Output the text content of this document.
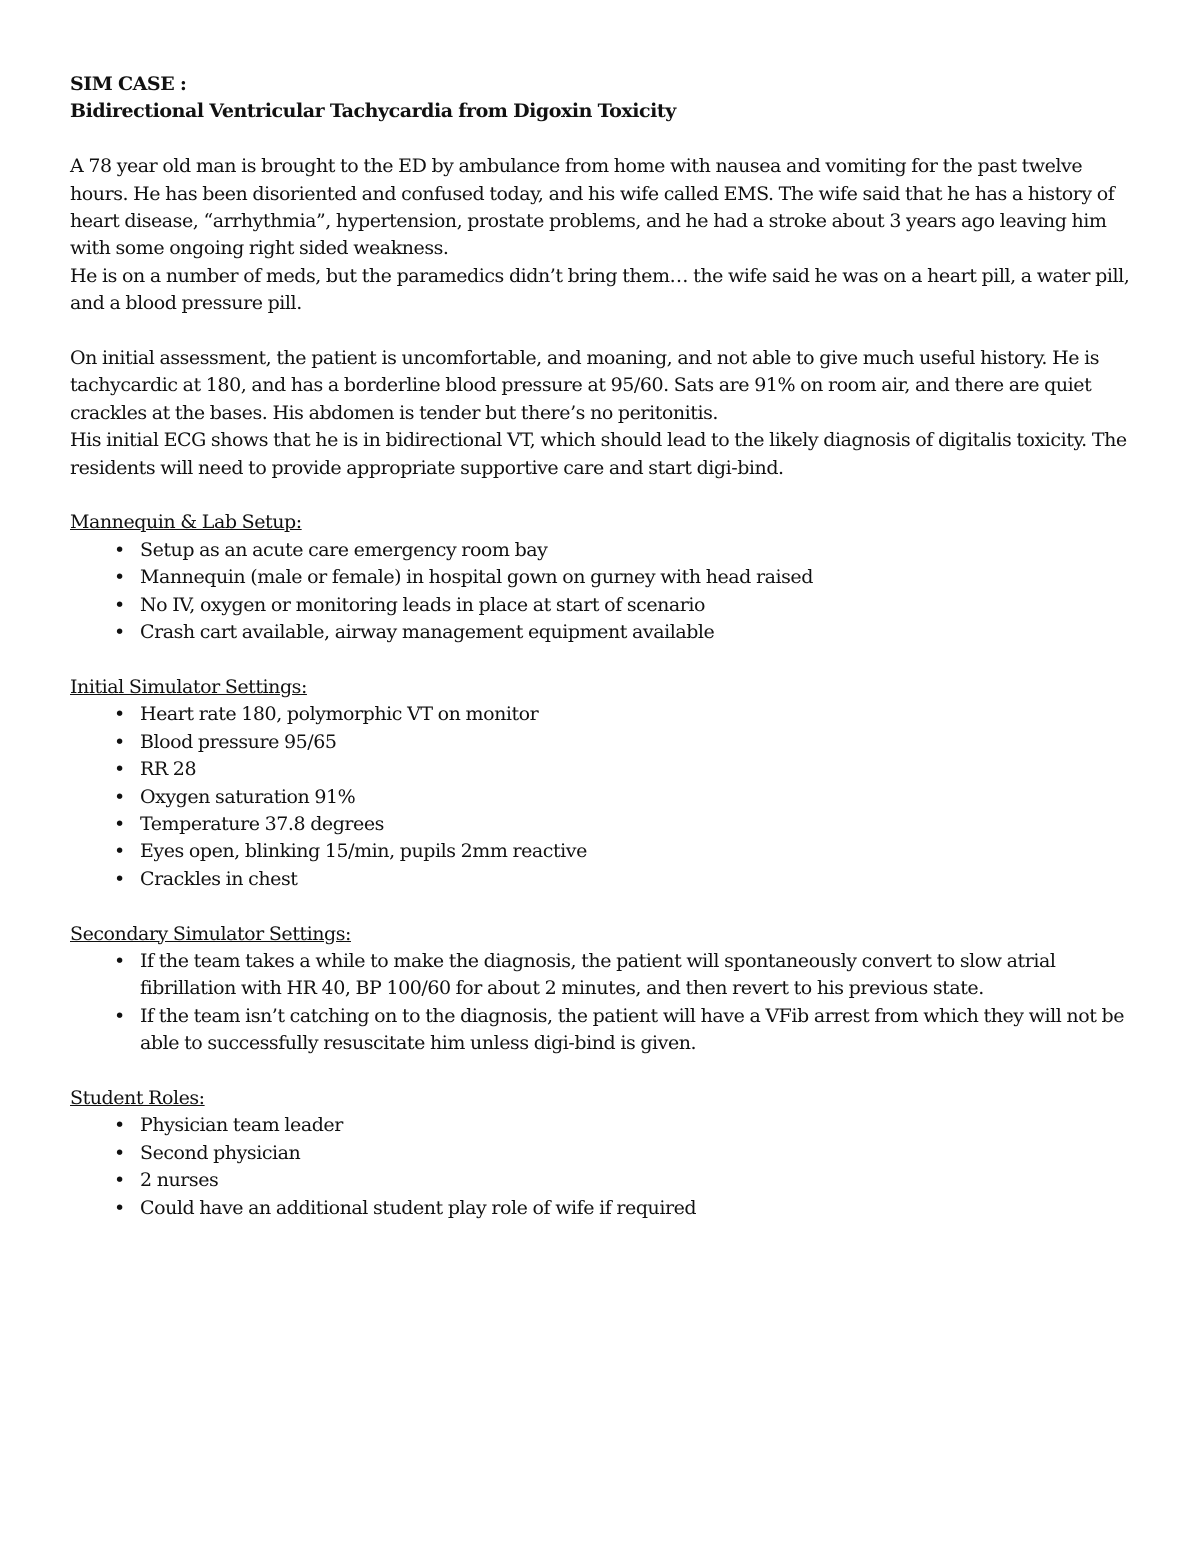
SIM CASE :

Bidirectional Ventricular Tachycardia from Digoxin Toxicity

A 78 year old man is brought to the ED by ambulance from home with nausea and vomiting for the past twelve hours. He has been disoriented and confused today, and his wife called EMS. The wife said that he has a history of heart disease, “arrhythmia”, hypertension, prostate problems, and he had a stroke about 3 years ago leaving him with some ongoing right sided weakness.

He is on a number of meds, but the paramedics didn’t bring them… the wife said he was on a heart pill, a water pill, and a blood pressure pill.

On initial assessment, the patient is uncomfortable, and moaning, and not able to give much useful history. He is tachycardic at 180, and has a borderline blood pressure at 95/60. Sats are 91% on room air, and there are quiet crackles at the bases. His abdomen is tender but there’s no peritonitis.

His initial ECG shows that he is in bidirectional VT, which should lead to the likely diagnosis of digitalis toxicity. The residents will need to provide appropriate supportive care and start digi-bind.

Mannequin & Lab Setup:

• Setup as an acute care emergency room bay
• Mannequin (male or female) in hospital gown on gurney with head raised
• No IV, oxygen or monitoring leads in place at start of scenario
• Crash cart available, airway management equipment available

Initial Simulator Settings:

• Heart rate 180, polymorphic VT on monitor
• Blood pressure 95/65
• RR 28
• Oxygen saturation 91%
• Temperature 37.8 degrees
• Eyes open, blinking 15/min, pupils 2mm reactive
• Crackles in chest

Secondary Simulator Settings:

• If the team takes a while to make the diagnosis, the patient will spontaneously convert to slow atrial fibrillation with HR 40, BP 100/60 for about 2 minutes, and then revert to his previous state.
• If the team isn’t catching on to the diagnosis, the patient will have a VFib arrest from which they will not be able to successfully resuscitate him unless digi-bind is given.

Student Roles:

• Physician team leader
• Second physician
• 2 nurses
• Could have an additional student play role of wife if required
